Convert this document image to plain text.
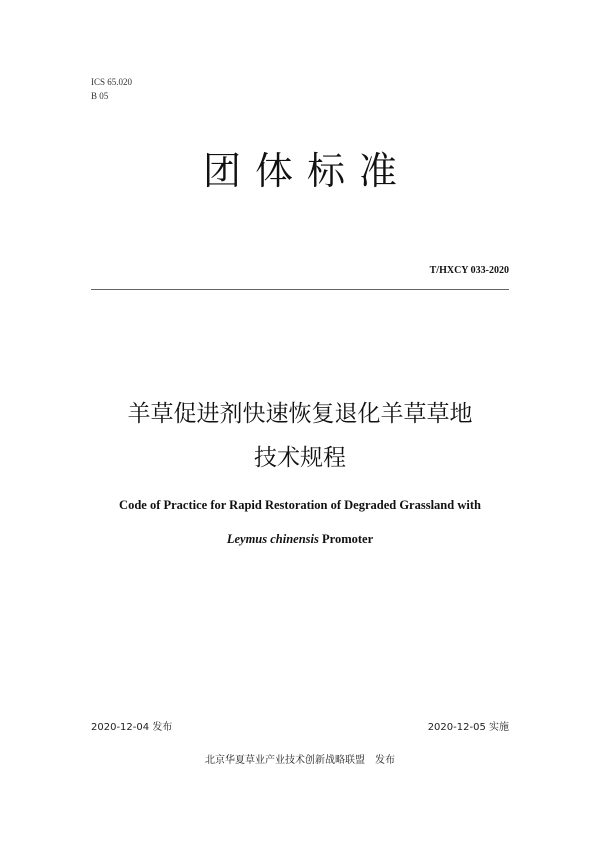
ICS 65.020
B 05
团体标准
T/HXCY 033-2020
羊草促进剂快速恢复退化羊草草地
技术规程
Code of Practice for Rapid Restoration of Degraded Grassland with
Leymus chinensis Promoter
2020-12-04 发布	2020-12-05 实施
北京华夏草业产业技术创新战略联盟 发布
